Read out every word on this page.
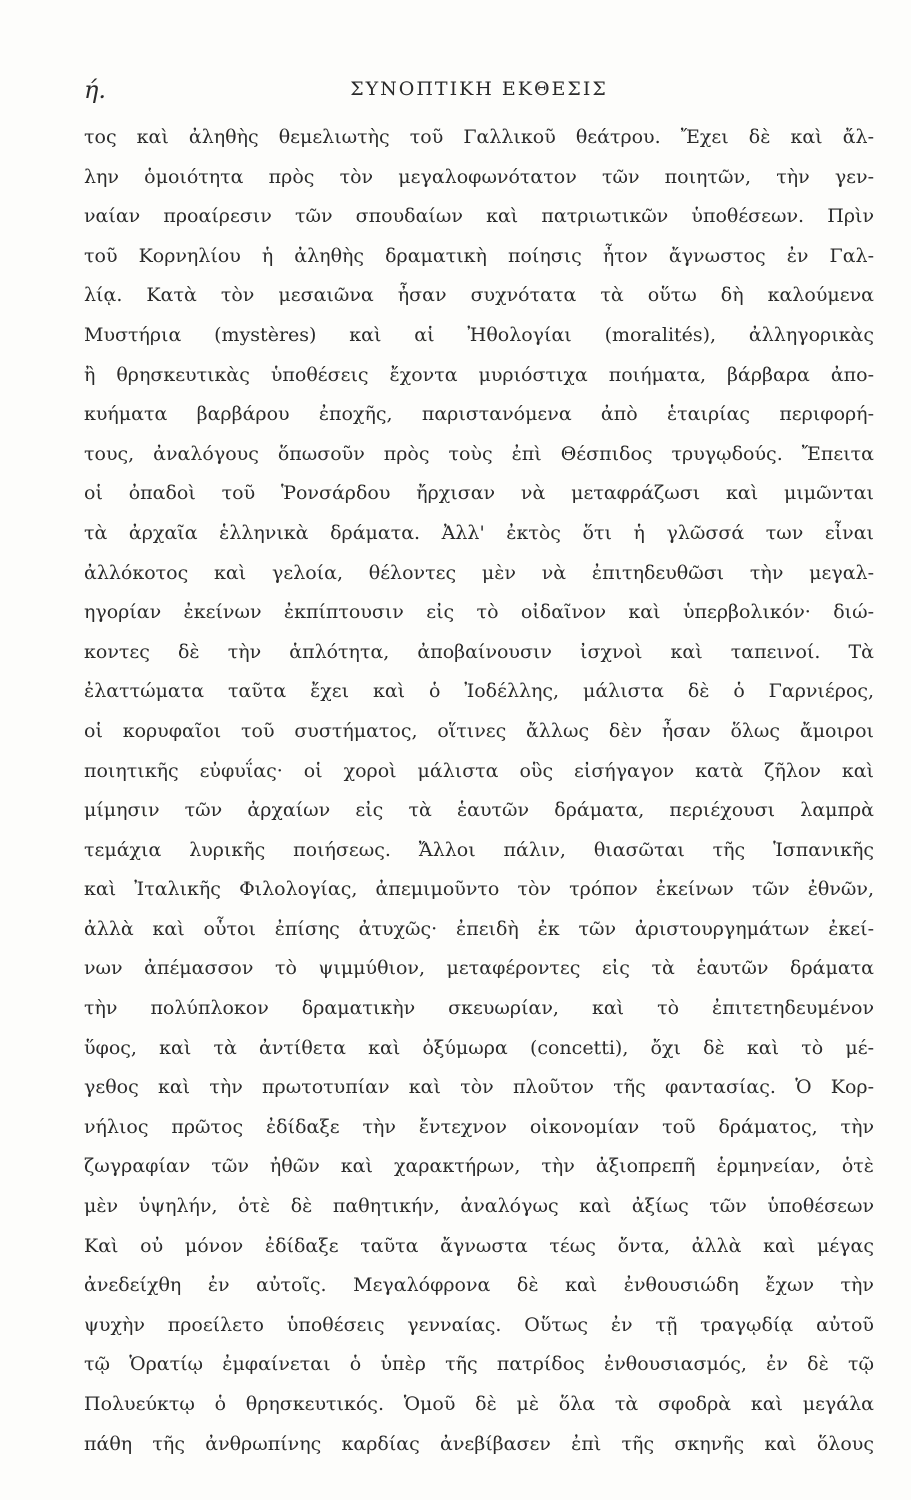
ή.	ΣΥΝΟΠΤΙΚΗ ΕΚΘΕΣΙΣ
τος καὶ ἀληθὴς θεμελιωτὴς τοῦ Γαλλικοῦ θεάτρου. Ἔχει δὲ καὶ ἄλ-
λην ὁμοιότητα πρὸς τὸν μεγαλοφωνότατον τῶν ποιητῶν, τὴν γεν-
ναίαν προαίρεσιν τῶν σπουδαίων καὶ πατριωτικῶν ὑποθέσεων. Πρὶν
τοῦ Κορνηλίου ἡ ἀληθὴς δραματικὴ ποίησις ἦτον ἄγνωστος ἐν Γαλ-
λίᾳ. Κατὰ τὸν μεσαιῶνα ἦσαν συχνότατα τὰ οὕτω δὴ καλούμενα
Μυστήρια (mystères) καὶ αἱ Ἠθολογίαι (moralités), ἀλληγορικὰς
ἢ θρησκευτικὰς ὑποθέσεις ἔχοντα μυριόστιχα ποιήματα, βάρβαρα ἀπο-
κυήματα βαρβάρου ἐποχῆς, παριστανόμενα ἀπὸ ἑταιρίας περιφορή-
τους, ἀναλόγους ὅπωσοῦν πρὸς τοὺς ἐπὶ Θέσπιδος τρυγῳδούς. Ἔπειτα
οἱ ὀπαδοὶ τοῦ Ῥονσάρδου ἤρχισαν νὰ μεταφράζωσι καὶ μιμῶνται
τὰ ἀρχαῖα ἑλληνικὰ δράματα. Ἀλλ' ἐκτὸς ὅτι ἡ γλῶσσά των εἶναι
ἀλλόκοτος καὶ γελοία, θέλοντες μὲν νὰ ἐπιτηδευθῶσι τὴν μεγαλ-
ηγορίαν ἐκείνων ἐκπίπτουσιν εἰς τὸ οἰδαῖνον καὶ ὑπερβολικόν· διώ-
κοντες δὲ τὴν ἁπλότητα, ἀποβαίνουσιν ἰσχνοὶ καὶ ταπεινοί. Τὰ
ἐλαττώματα ταῦτα ἔχει καὶ ὁ Ἰοδέλλης, μάλιστα δὲ ὁ Γαρνιέρος,
οἱ κορυφαῖοι τοῦ συστήματος, οἵτινες ἄλλως δὲν ἦσαν ὅλως ἄμοιροι
ποιητικῆς εὐφυΐας· οἱ χοροὶ μάλιστα οὓς εἰσήγαγον κατὰ ζῆλον καὶ
μίμησιν τῶν ἀρχαίων εἰς τὰ ἑαυτῶν δράματα, περιέχουσι λαμπρὰ
τεμάχια λυρικῆς ποιήσεως. Ἄλλοι πάλιν, θιασῶται τῆς Ἱσπανικῆς
καὶ Ἰταλικῆς Φιλολογίας, ἀπεμιμοῦντο τὸν τρόπον ἐκείνων τῶν ἐθνῶν,
ἀλλὰ καὶ οὗτοι ἐπίσης ἀτυχῶς· ἐπειδὴ ἐκ τῶν ἀριστουργημάτων ἐκεί-
νων ἀπέμασσον τὸ ψιμμύθιον, μεταφέροντες εἰς τὰ ἑαυτῶν δράματα
τὴν πολύπλοκον δραματικὴν σκευωρίαν, καὶ τὸ ἐπιτετηδευμένον
ὕφος, καὶ τὰ ἀντίθετα καὶ ὀξύμωρα (concetti), ὄχι δὲ καὶ τὸ μέ-
γεθος καὶ τὴν πρωτοτυπίαν καὶ τὸν πλοῦτον τῆς φαντασίας. Ὁ Κορ-
νήλιος πρῶτος ἐδίδαξε τὴν ἔντεχνον οἰκονομίαν τοῦ δράματος, τὴν
ζωγραφίαν τῶν ἠθῶν καὶ χαρακτήρων, τὴν ἀξιοπρεπῆ ἑρμηνείαν, ὁτὲ
μὲν ὑψηλήν, ὁτὲ δὲ παθητικήν, ἀναλόγως καὶ ἀξίως τῶν ὑποθέσεων
Καὶ οὐ μόνον ἐδίδαξε ταῦτα ἄγνωστα τέως ὄντα, ἀλλὰ καὶ μέγας
ἀνεδείχθη ἐν αὐτοῖς. Μεγαλόφρονα δὲ καὶ ἐνθουσιώδη ἔχων τὴν
ψυχὴν προείλετο ὑποθέσεις γενναίας. Οὕτως ἐν τῇ τραγῳδίᾳ αὐτοῦ
τῷ Ὁρατίῳ ἐμφαίνεται ὁ ὑπὲρ τῆς πατρίδος ἐνθουσιασμός, ἐν δὲ τῷ
Πολυεύκτῳ ὁ θρησκευτικός. Ὁμοῦ δὲ μὲ ὅλα τὰ σφοδρὰ καὶ μεγάλα
πάθη τῆς ἀνθρωπίνης καρδίας ἀνεβίβασεν ἐπὶ τῆς σκηνῆς καὶ ὅλους
